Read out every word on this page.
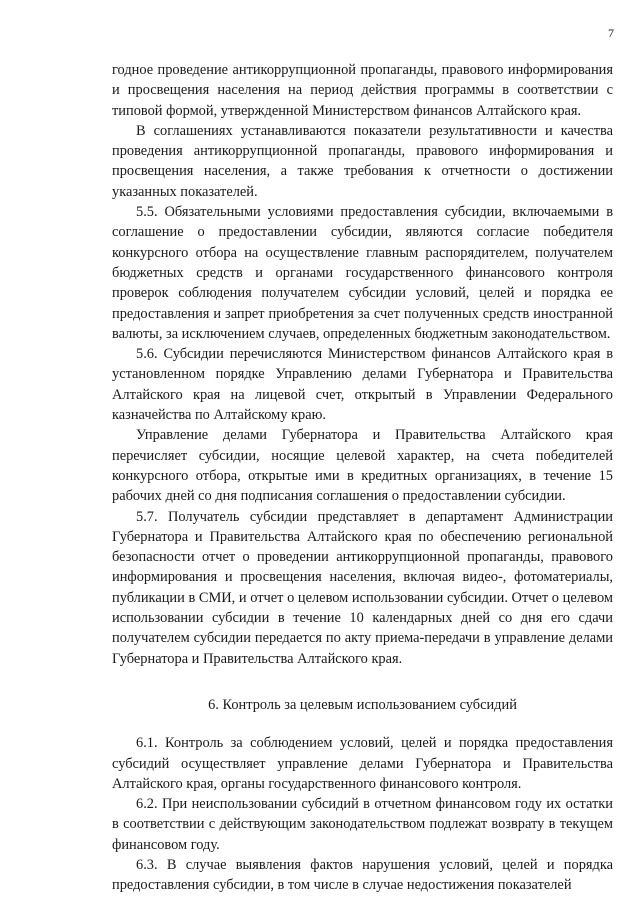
7

годное проведение антикоррупционной пропаганды, правового информирования и просвещения населения на период действия программы в соответствии с типовой формой, утвержденной Министерством финансов Алтайского края.

В соглашениях устанавливаются показатели результативности и качества проведения антикоррупционной пропаганды, правового информирования и просвещения населения, а также требования к отчетности о достижении указанных показателей.

5.5. Обязательными условиями предоставления субсидии, включаемыми в соглашение о предоставлении субсидии, являются согласие победителя конкурсного отбора на осуществление главным распорядителем, получателем бюджетных средств и органами государственного финансового контроля проверок соблюдения получателем субсидии условий, целей и порядка ее предоставления и запрет приобретения за счет полученных средств иностранной валюты, за исключением случаев, определенных бюджетным законодательством.

5.6. Субсидии перечисляются Министерством финансов Алтайского края в установленном порядке Управлению делами Губернатора и Правительства Алтайского края на лицевой счет, открытый в Управлении Федерального казначейства по Алтайскому краю.

Управление делами Губернатора и Правительства Алтайского края перечисляет субсидии, носящие целевой характер, на счета победителей конкурсного отбора, открытые ими в кредитных организациях, в течение 15 рабочих дней со дня подписания соглашения о предоставлении субсидии.

5.7. Получатель субсидии представляет в департамент Администрации Губернатора и Правительства Алтайского края по обеспечению региональной безопасности отчет о проведении антикоррупционной пропаганды, правового информирования и просвещения населения, включая видео-, фотоматериалы, публикации в СМИ, и отчет о целевом использовании субсидии. Отчет о целевом использовании субсидии в течение 10 календарных дней со дня его сдачи получателем субсидии передается по акту приема-передачи в управление делами Губернатора и Правительства Алтайского края.

6. Контроль за целевым использованием субсидий

6.1. Контроль за соблюдением условий, целей и порядка предоставления субсидий осуществляет управление делами Губернатора и Правительства Алтайского края, органы государственного финансового контроля.

6.2. При неиспользовании субсидий в отчетном финансовом году их остатки в соответствии с действующим законодательством подлежат возврату в текущем финансовом году.

6.3. В случае выявления фактов нарушения условий, целей и порядка предоставления субсидии, в том числе в случае недостижения показателей
